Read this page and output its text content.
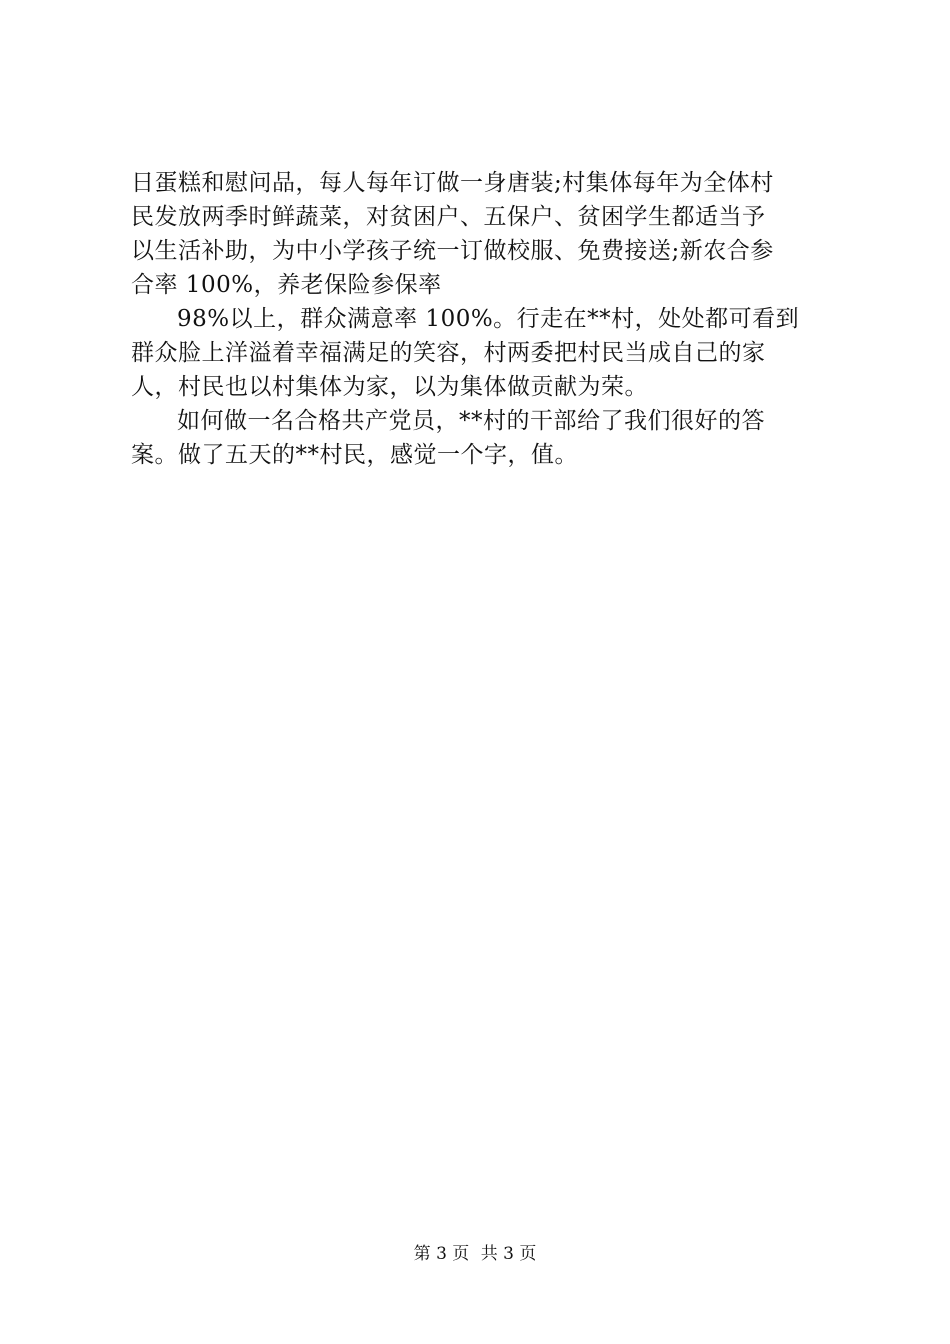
日蛋糕和慰问品，每人每年订做一身唐装;村集体每年为全体村
民发放两季时鲜蔬菜，对贫困户、五保户、贫困学生都适当予
以生活补助，为中小学孩子统一订做校服、免费接送;新农合参
合率 100%，养老保险参保率
98%以上，群众满意率 100%。行走在**村，处处都可看到
群众脸上洋溢着幸福满足的笑容，村两委把村民当成自己的家
人，村民也以村集体为家，以为集体做贡献为荣。
如何做一名合格共产党员，**村的干部给了我们很好的答
案。做了五天的**村民，感觉一个字，值。
第 3 页 共 3 页
